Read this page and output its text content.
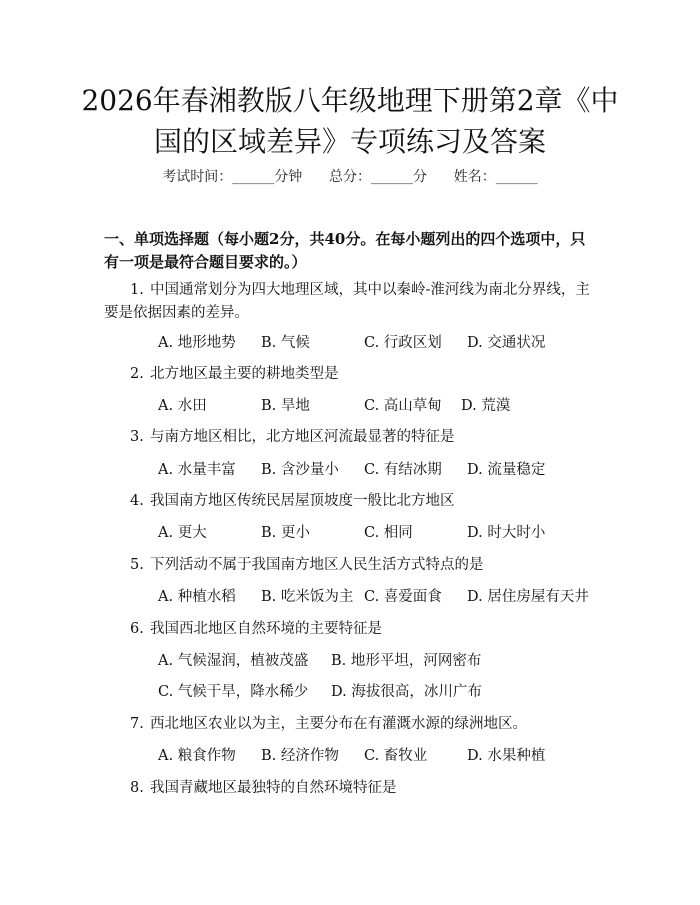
2026年春湘教版八年级地理下册第2章《中
国的区域差异》专项练习及答案
考试时间：______分钟 总分：______分 姓名：______
一、单项选择题（每小题2分，共40分。在每小题列出的四个选项中，只有一项是最符合题目要求的。）
1. 中国通常划分为四大地理区域，其中以秦岭-淮河线为南北分界线，主要是依据因素的差异。
A. 地形地势 B. 气候	C. 行政区划 D. 交通状况
2. 北方地区最主要的耕地类型是
A. 水田	B. 旱地	C. 高山草甸 D. 荒漠
3. 与南方地区相比，北方地区河流最显著的特征是
A. 水量丰富 B. 含沙量小 C. 有结冰期 D. 流量稳定
4. 我国南方地区传统民居屋顶坡度一般比北方地区
A. 更大	B. 更小	C. 相同	D. 时大时小
5. 下列活动不属于我国南方地区人民生活方式特点的是
A. 种植水稻 B. 吃米饭为主 C. 喜爱面食 D. 居住房屋有天井
6. 我国西北地区自然环境的主要特征是
A. 气候湿润，植被茂盛 B. 地形平坦，河网密布
C. 气候干旱，降水稀少 D. 海拔很高，冰川广布
7. 西北地区农业以为主，主要分布在有灌溉水源的绿洲地区。
A. 粮食作物 B. 经济作物 C. 畜牧业	D. 水果种植
8. 我国青藏地区最独特的自然环境特征是
